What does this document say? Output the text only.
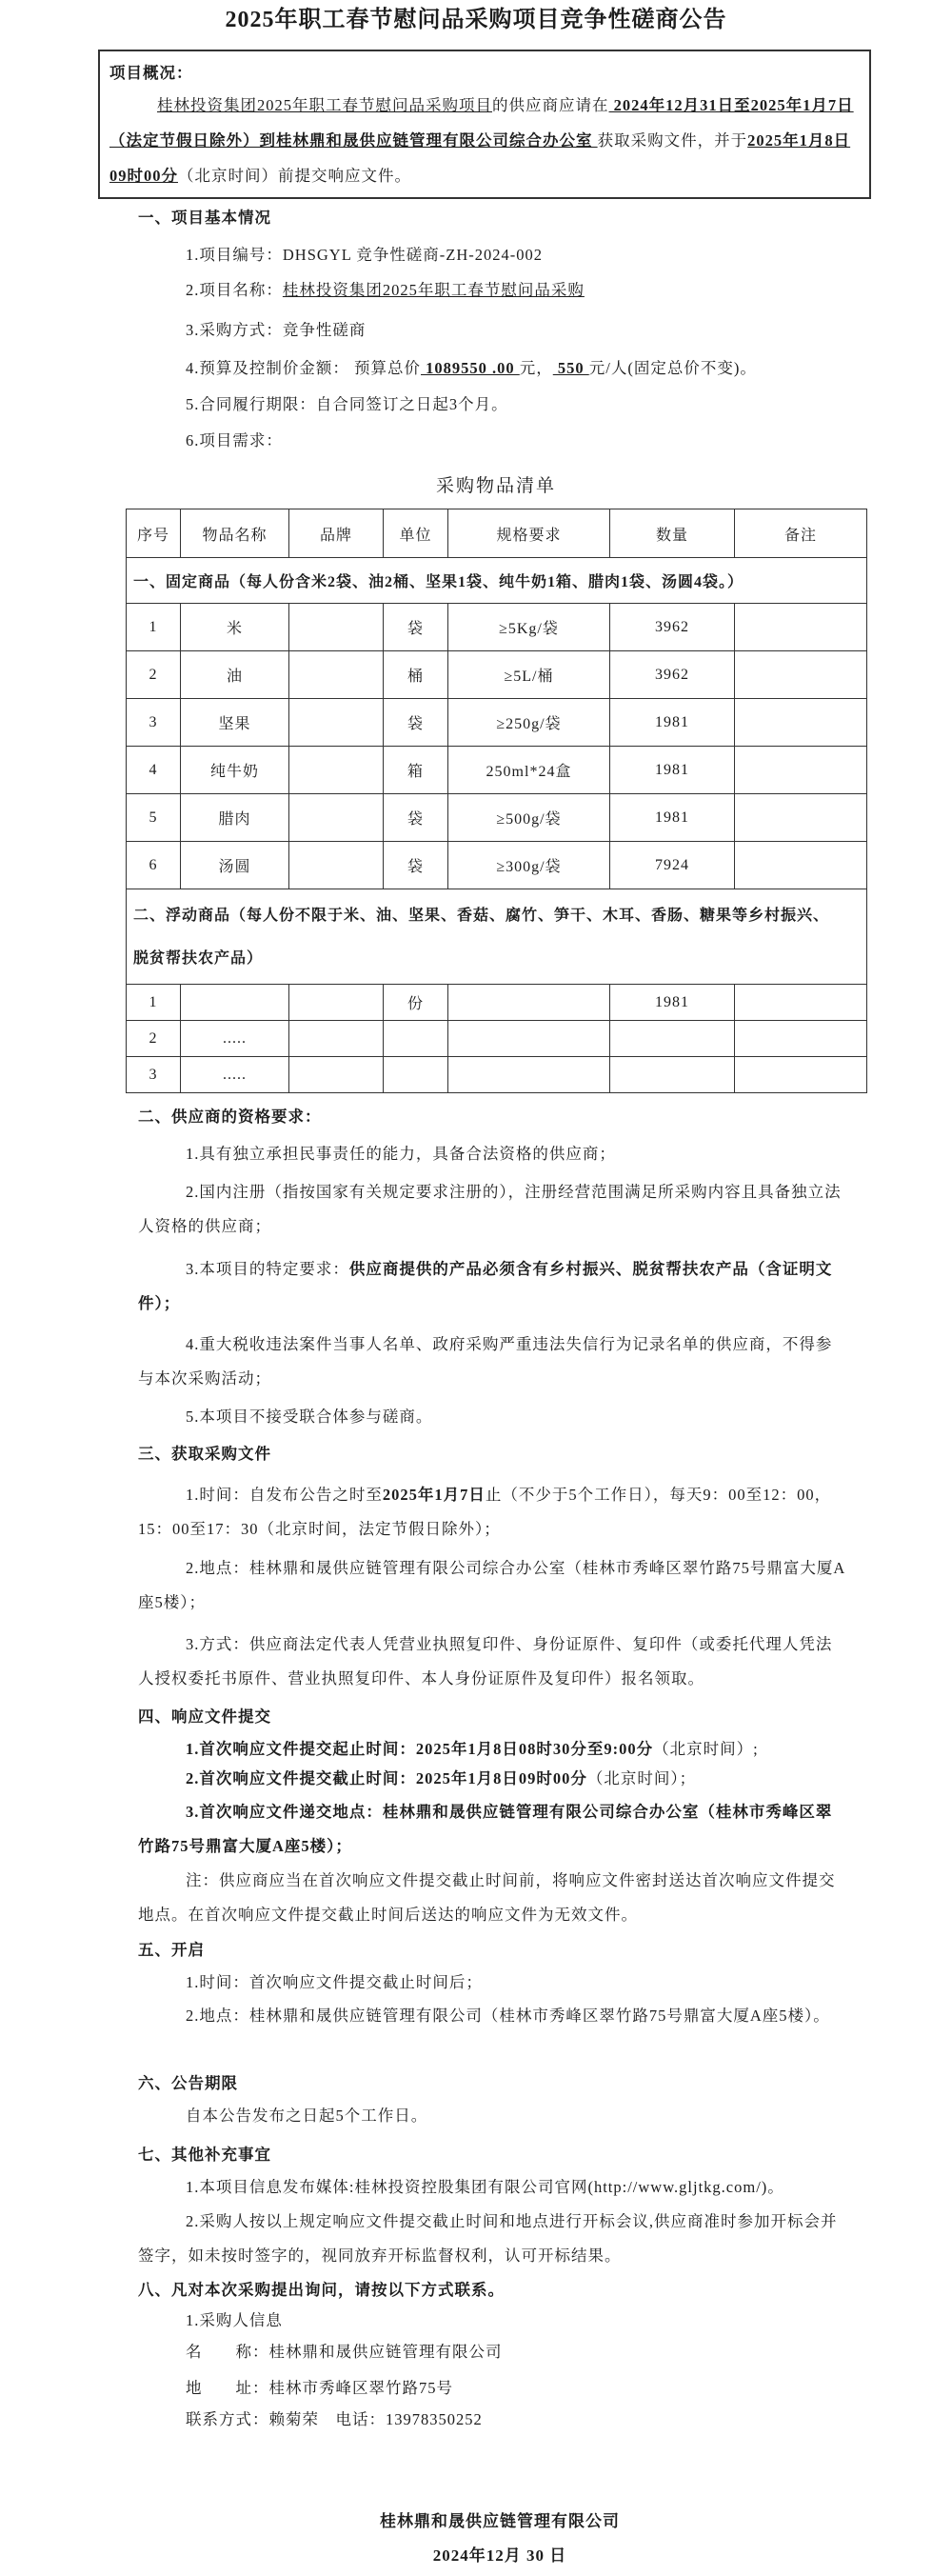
2025年职工春节慰问品采购项目竞争性磋商公告
项目概况：
桂林投资集团2025年职工春节慰问品采购项目的供应商应请在 2024年12月31日至2025年1月7日（法定节假日除外）到桂林鼎和晟供应链管理有限公司综合办公室 获取采购文件，并于2025年1月8日09时00分（北京时间）前提交响应文件。
一、项目基本情况
1.项目编号：DHSGYL 竞争性磋商-ZH-2024-002
2.项目名称：桂林投资集团2025年职工春节慰问品采购
3.采购方式：竞争性磋商
4.预算及控制价金额： 预算总价 1089550 .00 元， 550 元/人(固定总价不变)。
5.合同履行期限：自合同签订之日起3个月。
6.项目需求：
采购物品清单
序号	物品名称	品牌	单位	规格要求	数量	备注
一、固定商品（每人份含米2袋、油2桶、坚果1袋、纯牛奶1箱、腊肉1袋、汤圆4袋。）						
1	米		袋	≥5Kg/袋	3962	
2	油		桶	≥5L/桶	3962	
3	坚果		袋	≥250g/袋	1981	
4	纯牛奶		箱	250ml*24盒	1981	
5	腊肉		袋	≥500g/袋	1981	
6	汤圆		袋	≥300g/袋	7924	

二、浮动商品（每人份不限于米、油、坚果、香菇、腐竹、笋干、木耳、香肠、糖果等乡村振兴、
脱贫帮扶农产品）						

1			份		1981	
2	.....					
3	.....					
二、供应商的资格要求：
1.具有独立承担民事责任的能力，具备合法资格的供应商；
2.国内注册（指按国家有关规定要求注册的），注册经营范围满足所采购内容且具备独立法人资格的供应商；
3.本项目的特定要求：供应商提供的产品必须含有乡村振兴、脱贫帮扶农产品（含证明文件）；
4.重大税收违法案件当事人名单、政府采购严重违法失信行为记录名单的供应商，不得参与本次采购活动；
5.本项目不接受联合体参与磋商。
三、获取采购文件
1.时间：自发布公告之时至2025年1月7日止（不少于5个工作日），每天9：00至12：00，15：00至17：30（北京时间，法定节假日除外）；
2.地点：桂林鼎和晟供应链管理有限公司综合办公室（桂林市秀峰区翠竹路75号鼎富大厦A座5楼）；
3.方式：供应商法定代表人凭营业执照复印件、身份证原件、复印件（或委托代理人凭法人授权委托书原件、营业执照复印件、本人身份证原件及复印件）报名领取。
四、响应文件提交
1.首次响应文件提交起止时间：2025年1月8日08时30分至9:00分（北京时间）;
2.首次响应文件提交截止时间：2025年1月8日09时00分（北京时间）；
3.首次响应文件递交地点：桂林鼎和晟供应链管理有限公司综合办公室（桂林市秀峰区翠竹路75号鼎富大厦A座5楼）；
注：供应商应当在首次响应文件提交截止时间前，将响应文件密封送达首次响应文件提交地点。在首次响应文件提交截止时间后送达的响应文件为无效文件。
五、开启
1.时间：首次响应文件提交截止时间后；
2.地点：桂林鼎和晟供应链管理有限公司（桂林市秀峰区翠竹路75号鼎富大厦A座5楼）。
六、公告期限
自本公告发布之日起5个工作日。
七、其他补充事宜
1.本项目信息发布媒体:桂林投资控股集团有限公司官网(http://www.gljtkg.com/)。
2.采购人按以上规定响应文件提交截止时间和地点进行开标会议,供应商准时参加开标会并签字，如未按时签字的，视同放弃开标监督权利，认可开标结果。
八、凡对本次采购提出询问，请按以下方式联系。
1.采购人信息
名　　称：桂林鼎和晟供应链管理有限公司
地　　址：桂林市秀峰区翠竹路75号
联系方式：赖菊荣　电话：13978350252
桂林鼎和晟供应链管理有限公司
2024年12月 30 日
